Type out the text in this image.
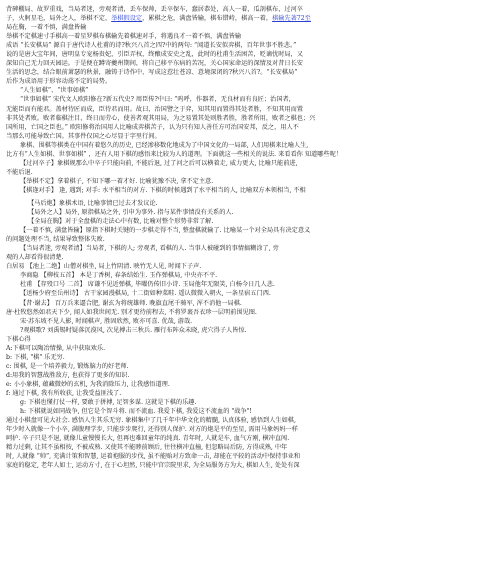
背碑棚局、故罗重戏，当局者迷，旁观者清，丢车保帅，丢卒保车，蠢居恭处，高人一着，瓜剖棋布，过河卒
子，火舸星毛，局外之人，举棋不定，举棋假设定，累棋之危，满盘皆输，棋布错峙，棋高一着，棋输先著72至
局在胸，一着不慎，满盘皆输
举棋不定棋速寸手棋高一着星罗棋布棋输先着棋速对手，将遇良才一着不慎，满盘皆输
成语 “长安棋局” 源自于唐代诗人杜甫的诗?秋兴八首之四?中的两句: “闻道长安似弈棋，百年世事不胜悲。”
说的是唐大宝年间，唐明皇专宠杨贵妃，引臣弄权，终酿成安史之乱，此时的杜甫生活困苦，贬谪忧时局，又
深知自己无力回天园运。于是便在蹲寄夔州期间，将自己移平东病的苦况，关心国家命运的深情及对昔日长安
生活的思念，结合眼前萧瑟的秋景，融铸于诗作中，写成这惹壮苍凉、意境深闭的?秋兴八首?。“长安棋局”
后作为成语用于形容动荡不定的局势。
“人生如棋”、“世事如棋”
“世事如棋” 宋代文人欧阳修在?新五代史? 周臣传?中曰: “呜呼，作器者，无良材而有良匠；治国者，
无能臣而有能君。盖材待匠而成，臣待君而用。故曰，治国譬之于弈，知其用而置得其处者胜，不知其用而置
非其处者败。败者临棋注目，终日而劳心，使善者观其用局，为之易置其处则胜者胜，胜者所用，败者之棋也；兴
国所用，亡国之臣也。” 欧阳修将治国用人比喻成弈棋苦子，认为只有知人善任方可治国安邦，反之，用人不
当那么可能导致亡国。其事件仅国之心尽显于字里行间。
象棋、围棋等棋类在中国有着悠久的历史, 已经渗移数化地成为了中国文化的一局部, 人们用棋来比喻人生,
比方有“人生如棋、世事如棋” ，还有人用下棋的感悟来比较为人的道理。下面就这一些相关的说法. 来看看你 知道哪些呢！
【过河卒子】象棋规那么中卒子只能向前, 不能后退, 过了河之后可以横着走, 威力更大, 比喻只能前进,
不能后退.
【举棋不定】拿着棋子, 不知下哪一着才好. 比喻犹豫不决, 拿不定主意.
【棋逢对手】 逢, 遇到; 对手: 水平相当的对方. 下棋的时候遇到了水平相当的人, 比喻双方本领相当, 不相
【马后炮】象棋术语, 比喻事情已过去才发议论.
【局外之人】局外, 原指棋局之外, 引申为事外. 指与某件事情没有关系的人.
【全局在胸】对于全盘棋的走法心中有数, 比喻对整个形势非常了解.
【一着不慎, 满盘皆输】原指下棋时关键的一步棋走得不当, 整盘棋就输了. 比喻某一个对全局具有决定意义
的问题处理不当, 结果导致整体失败.
【当局者迷, 旁观者清】当局者, 下棋的人; 旁观者, 看棋的人. 当事人被碰到的事情搞糊涂了, 旁
观的人却看得很清楚.
白居易 【池上二绝】山僧对棋坐, 局上竹阴清. 映竹无人见, 时闻下子声.
李商隐 【柳枝五首】 本是丁香树, 春条结始生. 玉作弹棋局, 中央亦不平.
杜甫 【存殁口号 二首】 席谦不见近弹棋, 毕曜仍传旧小诗. 玉局他年无限笑, 白杨今日几人悲.
【送杨少府至岳州诗】 古干家园漫棋局, 十二街如种菜畦. 遥认微微入朝火, 一条星宿五门西.
【昔·谢去】 百万兵来逼合肥, 谢玄为将统雄师. 晚旗直尾千骑军, 浑不消他一局棋.
唐·杜牧悠然如君天下少, 闻人如我世间无. 别才更待前程去, 不将罗裹吾衣珍一层明前围见图.
宋·苏东坡不见人影, 时闻棋声, 胜固欣然, 败亦可喜. 优哉, 游哉.
?观棋歌? 刘禹锡时疑落沉漠风, 次见搏击三秋兵. 雁行布阵众未晓, 虎穴得子人皆惊.
下棋心得
A:下棋可以陶冶情操, 从中获取欢乐.
b: 下棋, "棋" 乐无穷.
c: 围棋, 是一个培养毅力, 锻炼脑力的好老师.
d:用我的智慧战胜敌方, 也获得了更多的知识.
e: 小小象棋, 蕴藏微妙的玄机, 为我消除压力, 让我感悟道理.
f: 通过下棋, 我有所收获, 让我受益匪浅了.
g: 下棋也懂打仗一样, 要敢于拼搏, 足智多谋. 这就是下棋的乐趣.
h: 下棋就说如同战争, 但它是个智斗将. 而不流血. 我爱下棋, 我爱这不流血的 "战争"!
通过小棋盘可见大社会. 感悟人生其乐无穷. 象棋集中了几千年中华文化的精髓, 认真体验, 感悟到人生如棋,
年少时入就像一个小卒, 满腹理学步, 只能步步爬行, 还得别人保护. 对方的炮是平的至星, 需用马象妈妈一样
呵护. 卒子只是不退, 就像儿童慢慢长大, 但再也难回童年的纯真. 青年时, 人就是车, 血气方刚, 横冲直闯.
精力过剩, 让其不虽相按, 不被成熟. 又使其不能睦前顾后, 往往横冲直撞, 但忽略局后防, 方得成熟, 中年
时, 人就像 “帅”, 充满计策和智慧, 运着袍服的步伐, 虽不能贻对方致命一击, 却能在平较的活动中保持事业和
家庭的稳定, 老年人如士, 运动方寸, 在于心坦然, 只能中宫宗院里求, 为全局服务方为大, 棋如人生, 处处有深
